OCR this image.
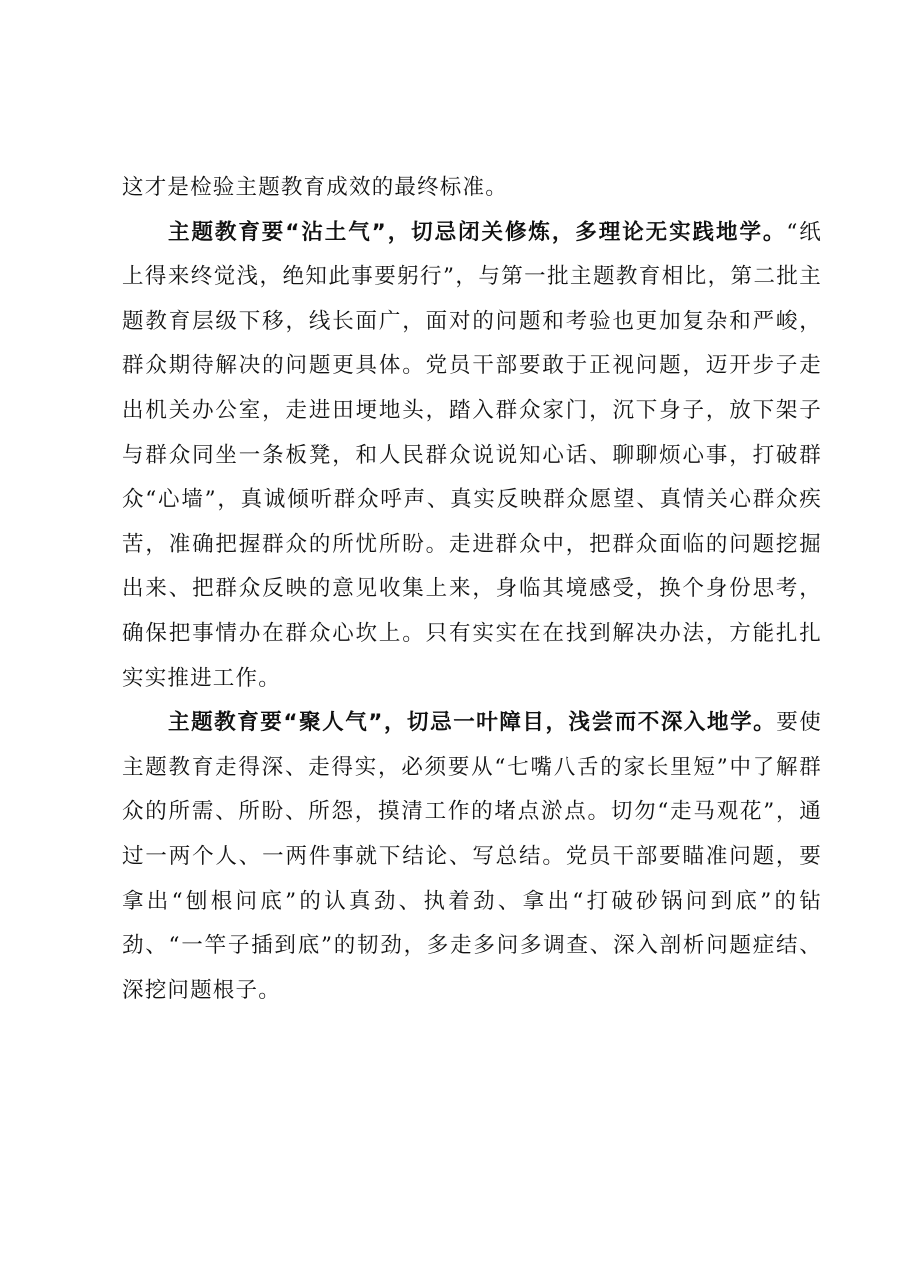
这才是检验主题教育成效的最终标准。

主题教育要“沾土气”，切忌闭关修炼，多理论无实践地学。“纸上得来终觉浅，绝知此事要躬行”，与第一批主题教育相比，第二批主题教育层级下移，线长面广，面对的问题和考验也更加复杂和严峻，群众期待解决的问题更具体。党员干部要敢于正视问题，迈开步子走出机关办公室，走进田埂地头，踏入群众家门，沉下身子，放下架子与群众同坐一条板凳，和人民群众说说知心话、聊聊烦心事，打破群众“心墙”，真诚倾听群众呼声、真实反映群众愿望、真情关心群众疾苦，准确把握群众的所忧所盼。走进群众中，把群众面临的问题挖掘出来、把群众反映的意见收集上来，身临其境感受，换个身份思考，确保把事情办在群众心坎上。只有实实在在找到解决办法，方能扎扎实实推进工作。

主题教育要“聚人气”，切忌一叶障目，浅尝而不深入地学。要使主题教育走得深、走得实，必须要从“七嘴八舌的家长里短”中了解群众的所需、所盼、所怨，摸清工作的堵点淤点。切勿“走马观花”，通过一两个人、一两件事就下结论、写总结。党员干部要瞄准问题，要拿出“刨根问底”的认真劲、执着劲、拿出“打破砂锅问到底”的钻劲、“一竿子插到底”的韧劲，多走多问多调查、深入剖析问题症结、深挖问题根子。
